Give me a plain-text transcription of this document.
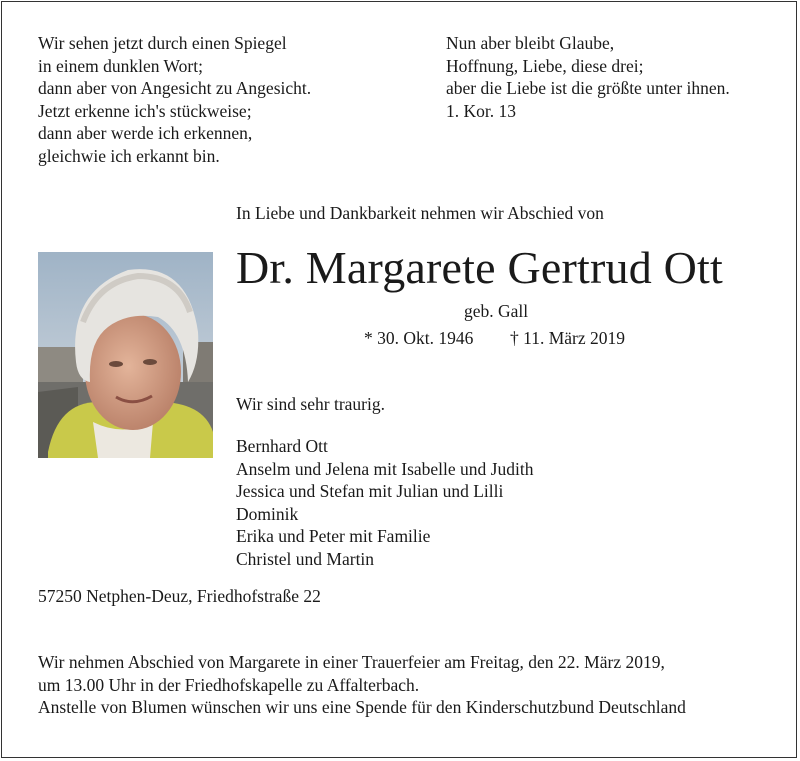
Wir sehen jetzt durch einen Spiegel
in einem dunklen Wort;
dann aber von Angesicht zu Angesicht.
Jetzt erkenne ich's stückweise;
dann aber werde ich erkennen,
gleichwie ich erkannt bin.
Nun aber bleibt Glaube,
Hoffnung, Liebe, diese drei;
aber die Liebe ist die größte unter ihnen.
1. Kor. 13
In Liebe und Dankbarkeit nehmen wir Abschied von
Dr. Margarete Gertrud Ott
geb. Gall
* 30. Okt. 1946 † 11. März 2019
Wir sind sehr traurig.
Bernhard Ott
Anselm und Jelena mit Isabelle und Judith
Jessica und Stefan mit Julian und Lilli
Dominik
Erika und Peter mit Familie
Christel und Martin
57250 Netphen-Deuz, Friedhofstraße 22
Wir nehmen Abschied von Margarete in einer Trauerfeier am Freitag, den 22. März 2019,
um 13.00 Uhr in der Friedhofskapelle zu Affalterbach.
Anstelle von Blumen wünschen wir uns eine Spende für den Kinderschutzbund Deutschland
